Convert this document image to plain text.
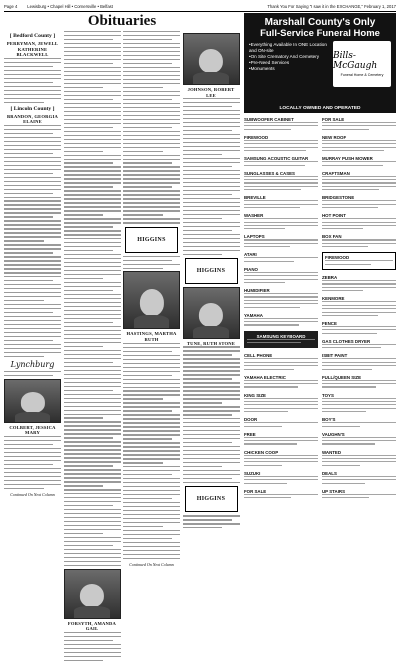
Page 4 Lewisburg • Chapel Hill • Cornersville • Belfast	Thank You For Saying "I saw it in the EXCHANGE," February 1, 2017
Obituaries
[ Bedford County ]
PERRYMAN, JEWELL KATHERINE BLACKWELL
[ Lincoln County ]
BRANDON, GEORGIA ELAINE
Lynchburg
COLBERT, JESSICA MARY
Continued On Next Column
FORSYTH, AMANDA GAIL
HIGGINS
HASTINGS, MARTHA RUTH
Continued On Next Column
JOHNSON, ROBERT LEE
HIGGINS
TUNE, RUTH STONE
HIGGINS
Marshall County's Only
Full-Service Funeral Home
• Everything Available In ONE Location and ON-site
• On Site Crematory And Cemetery
• Pre-Need Services
• Monuments
Bills-McGaugh
Funeral Home & Cemetery
LOCALLY OWNED AND OPERATED
SUBWOOFER CABINET
FIREWOOD
SAMSUNG ACOUSTIC GUITAR
SUNGLASSES & CASES
BREVILLE
WASHER
LAPTOPS
ATARI
PIANO
HUMIDIFIER
YAMAHA
SAMSUNG KEYBOARD
CELL PHONE
YAMAHA ELECTRIC
KING SIZE
DOOR
FREE
CHICKEN COOP
SUZUKI
FOR SALE
FOR SALE
NEW ROOF
MURRAY PUSH MOWER
CRAFTSMAN
BRIDGESTONE
HOT POINT
BOX FAN
FIREWOOD
ZEBRA
KENMORE
FENCE
GAS CLOTHES DRYER
ISBIT PAINT
FULL/QUEEN SIZE
TOYS
BOY'S
VAUGHN'S
WANTED
DEALS
UP STAIRS
